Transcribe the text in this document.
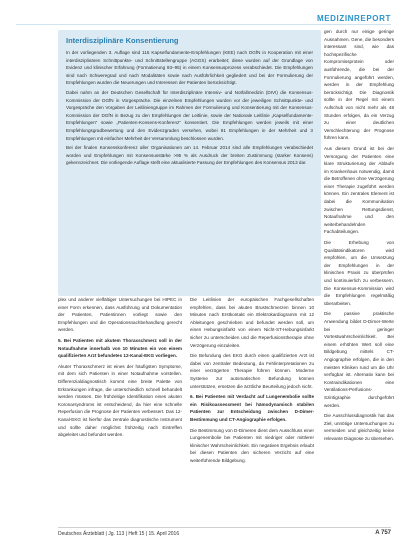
MEDIZINREPORT
Interdisziplinäre Konsentierung

In der vorliegenden 3. Auflage sind 115 Kapselfundamente-Empfehlungen (KEE) nach DGfN in Kooperation mit einer interdisziplinären Schnittpunkte- und Schnittstellengruppe (AGGS) erarbeitet; diese wurden auf der Grundlage von Evidenz und klinischer Erfahrung (Formatierung 93–95) in einem Konsensusprozess verabschiedet. Die Empfehlungen sind nach Schweregrad und nach Modalitäten sowie nach Ausführlichkeit gegliedert und bei der Formulierung der Empfehlungen wurden die Neuerungen und Interessen der Patienten berücksichtigt.

Dabei nahm an der Deutschen Gesellschaft für Interdisziplinäre Intensiv- und Notfallmedizin (DIVI) die Konsensus-Kommission der DGfN in Vorgespräche. Die einzelnen Empfehlungen wurden vor der jeweiligen Schnittpunkte- und Vorgespräche den Vorgaben der Leitliniengruppe im Rahmen der Formulierung und Konsentierung mit der Konsensus-Kommission der DGfN in Bezug zu den Empfehlungen der Leitlinie, sowie der Nationale Leitlinie „Kapselfundamente-Empfehlungen“ sowie „Patienten-Konsens-Konferenz“ konsentiert. Die Empfehlungen werden jeweils mit einer Empfehlungsgradbewertung und den Evidenzgraden versehen, wobei 91 Empfehlungen in der Mehrheit und 3 Empfehlungen mit einfacher Mehrheit der Versammlung beschlossen wurden.

Bei der finalen Konsenskonferenz aller Organisationen am 14. Februar 2014 sind alle Empfehlungen verabschiedet worden und Empfehlungen mit Konsensusstärke >95 % als Ausdruck der breiten Zustimmung (starker Konsens) gekennzeichnet. Die vorliegende Auflage stellt eine aktualisierte Fassung der Empfehlungen des Konsensus 2013 dar.

plex und anderer vielfältiger Untersuchungen bei HIPEC in einer Form erkennen, dass Ausführung und Dokumentation der Patienten, Patientinnen vorliegt sowie den Empfehlungen und die Operationsnachbehandlung gerecht werden.

5. Bei Patienten mit akutem Thoraxschmerz soll in der Notaufnahme innerhalb von 10 Minuten ein von einem qualifizierten Arzt befundetes 12-Kanal-EKG vorliegen.

Akuter Thoraxschmerz ist eines der häufigsten Symptome, mit dem sich Patienten in einer Notaufnahme vorstellen. Differenzialdiagnostisch kommt eine breite Palette von Erkrankungen infrage, die unterschiedlich schnell behandelt werden müssen. Die frühzeitige Identifikation eines akuten Koronarsyndroms ist entscheidend, da hier eine schnelle Reperfusion die Prognose der Patienten verbessert. Das 12-Kanal-EKG ist hierfür das zentrale diagnostische Instrument und sollte daher möglichst frühzeitig nach Eintreffen abgeleitet und befundet werden.

Die Leitlinien der europäischen Fachgesellschaften empfehlen, dass bei akuten Brustschmerzen binnen 10 Minuten nach Erstkontakt ein Elektrokardiogramm mit 12 Ableitungen geschrieben und befundet werden soll, um einen Hebungsinfarkt von einem Nicht-ST-Hebungsinfarkt sicher zu unterscheiden und die Reperfusionstherapie ohne Verzögerung einzuleiten.

Die Befundung des EKG durch einen qualifizierten Arzt ist dabei von zentraler Bedeutung, da Fehlinterpretationen zu einer verzögerten Therapie führen können. Moderne Systeme zur automatischen Befundung können unterstützen, ersetzen die ärztliche Beurteilung jedoch nicht.

6. Bei Patienten mit Verdacht auf Lungenembolie sollte ein Risikoassessment bei hämodynamisch stabilen Patienten zur Entscheidung zwischen D-Dimer-Bestimmung und CT-Angiographie erfolgen.

Die Bestimmung von D-Dimeren dient dem Ausschluss einer Lungenembolie bei Patienten mit niedriger oder mittlerer klinischer Wahrscheinlichkeit. Ein negatives Ergebnis erlaubt bei diesen Patienten den sicheren Verzicht auf eine weiterführende Bildgebung.

gen durch nur einige geringe Ausnahmen. Gene, die besonders interessant sind, wie das hochspezifische Kompromissprotein oder ausführende, die bei der Formulierung angeführt werden, werden in der Empfehlung berücksichtigt. Die Diagnostik sollte in der Regel mit einem Aufschub von nicht mehr als 48 Stunden erfolgen, da ein Verzug zu einer deutlichen Verschlechterung der Prognose führen kann.

Aus diesem Grund ist bei der Versorgung der Patienten eine klare Strukturierung der Abläufe im Krankenhaus notwendig, damit die Betroffenen ohne Verzögerung einer Therapie zugeführt werden können. Ein zentrales Element ist dabei die Kommunikation zwischen Rettungsdienst, Notaufnahme und den weiterbehandelnden Fachabteilungen.

Die Erhebung von Qualitätsindikatoren wird empfohlen, um die Umsetzung der Empfehlungen in der klinischen Praxis zu überprüfen und kontinuierlich zu verbessern. Die Konsensus-Kommission wird die Empfehlungen regelmäßig überarbeiten.

Die passive praktische Anwendung bildet D-Dimer-Werte bei geringer Vortestwahrscheinlichkeit. Bei einem erhöhten Wert soll eine Bildgebung mittels CT-Angiographie erfolgen, die in den meisten Kliniken rund um die Uhr verfügbar ist. Alternativ kann bei Kontraindikationen eine Ventilations-Perfusions-Szintigraphie durchgeführt werden.

Die Ausschlussdiagnostik hat das Ziel, unnötige Untersuchungen zu vermeiden und gleichzeitig keine relevante Diagnose zu übersehen.

Deutsches Ärzteblatt | Jg. 113 | Heft 15 | 15. April 2016	A 757
